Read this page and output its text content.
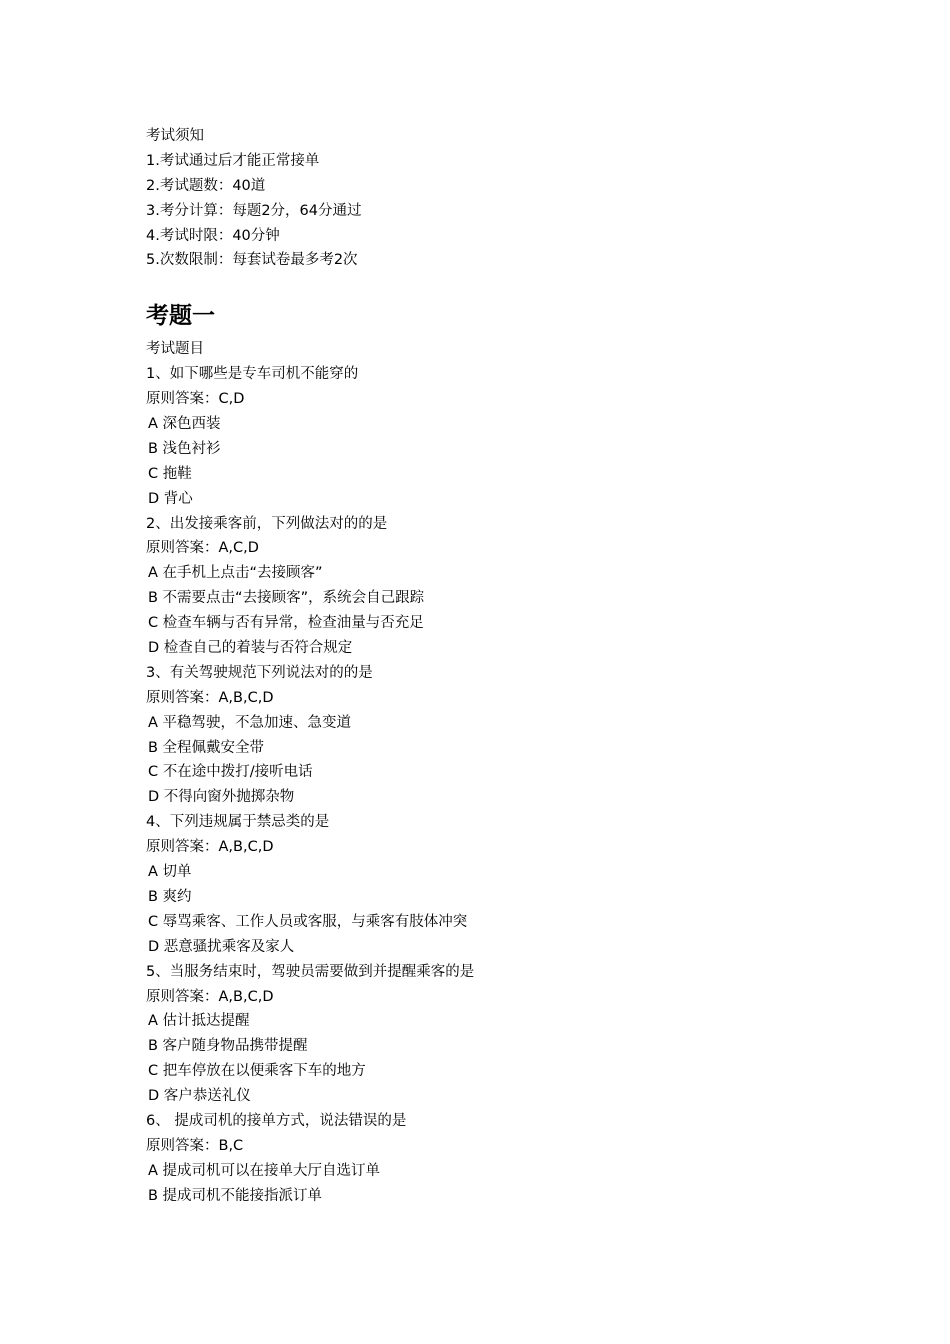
考试须知
1.考试通过后才能正常接单
2.考试题数：40道
3.考分计算：每题2分，64分通过
4.考试时限：40分钟
5.次数限制：每套试卷最多考2次
考题一
考试题目
1、如下哪些是专车司机不能穿的
原则答案：C,D
A 深色西装
B 浅色衬衫
C 拖鞋
D 背心
2、出发接乘客前，下列做法对的的是
原则答案：A,C,D
A 在手机上点击“去接顾客”
B 不需要点击“去接顾客”，系统会自己跟踪
C 检查车辆与否有异常，检查油量与否充足
D 检查自己的着装与否符合规定
3、有关驾驶规范下列说法对的的是
原则答案：A,B,C,D
A 平稳驾驶，不急加速、急变道
B 全程佩戴安全带
C 不在途中拨打/接听电话
D 不得向窗外抛掷杂物
4、下列违规属于禁忌类的是
原则答案：A,B,C,D
A 切单
B 爽约
C 辱骂乘客、工作人员或客服，与乘客有肢体冲突
D 恶意骚扰乘客及家人
5、当服务结束时，驾驶员需要做到并提醒乘客的是
原则答案：A,B,C,D
A 估计抵达提醒
B 客户随身物品携带提醒
C 把车停放在以便乘客下车的地方
D 客户恭送礼仪
6、 提成司机的接单方式，说法错误的是
原则答案：B,C
A 提成司机可以在接单大厅自选订单
B 提成司机不能接指派订单
